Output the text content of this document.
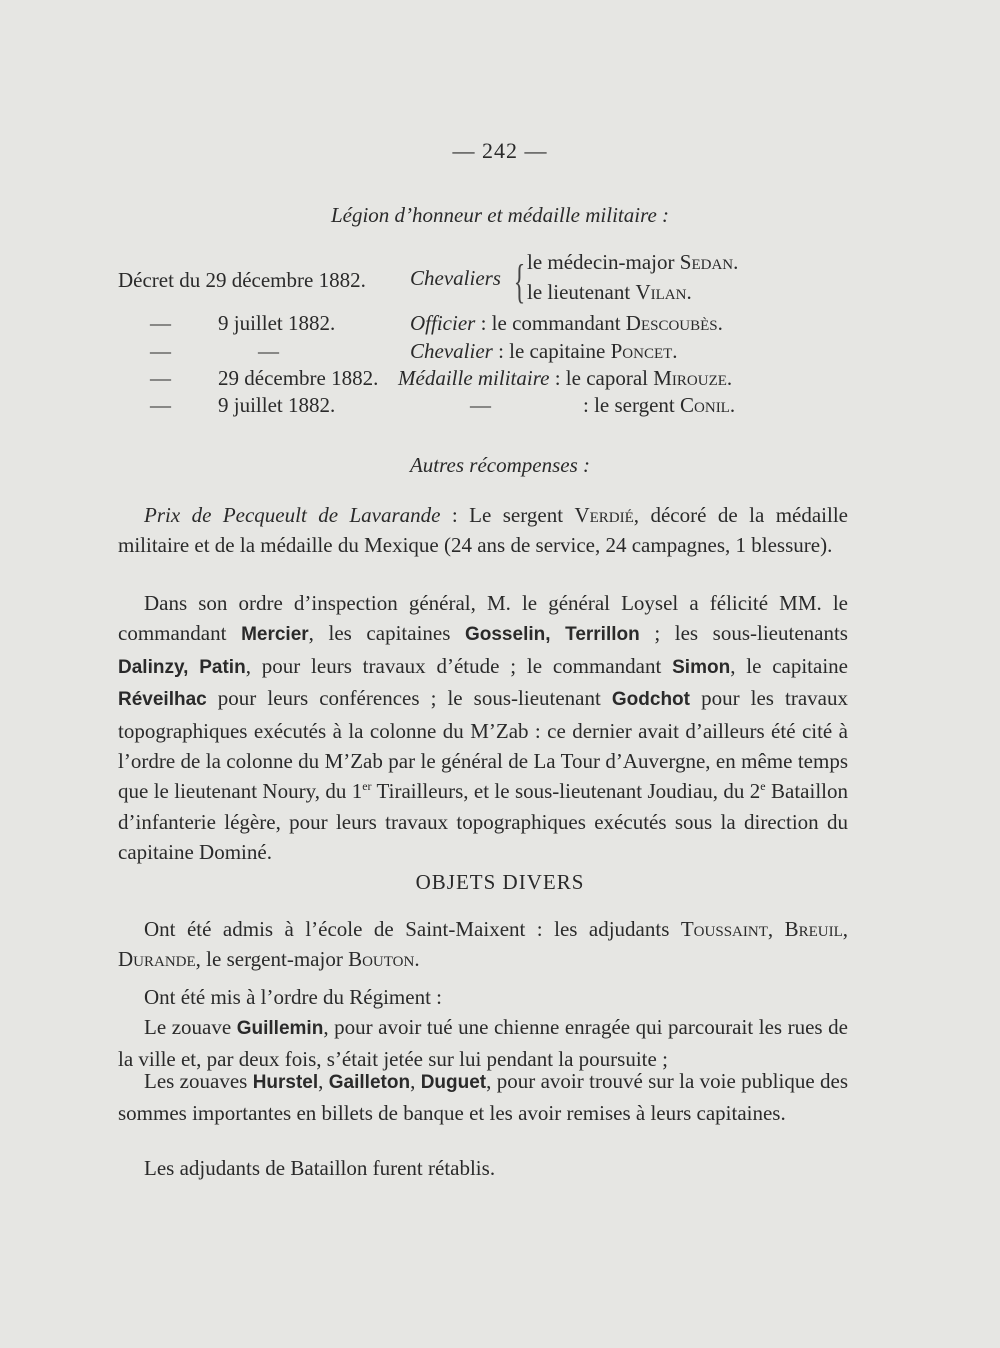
— 242 —
Légion d’honneur et médaille militaire :
Décret du 29 décembre 1882. Chevaliers { le médecin-major Sedan.
le lieutenant Vilan.
— 9 juillet 1882.	Officier : le commandant Descoubès.
—	—	Chevalier : le capitaine Poncet.
— 29 décembre 1882. Médaille militaire : le caporal Mirouze.
— 9 juillet 1882.	—	: le sergent Conil.
Autres récompenses :
Prix de Pecqueult de Lavarande : Le sergent Verdié, décoré de la médaille militaire et de la médaille du Mexique (24 ans de service, 24 campagnes, 1 blessure).
Dans son ordre d’inspection général, M. le général Loysel a félicité MM. le commandant Mercier, les capitaines Gosselin, Terrillon ; les sous-lieutenants Dalinzy, Patin, pour leurs travaux d’étude ; le commandant Simon, le capitaine Réveilhac pour leurs conférences ; le sous-lieutenant Godchot pour les travaux topographiques exécutés à la colonne du M’Zab : ce dernier avait d’ailleurs été cité à l’ordre de la colonne du M’Zab par le général de La Tour d’Auvergne, en même temps que le lieutenant Noury, du 1er Tirailleurs, et le sous-lieutenant Joudiau, du 2e Bataillon d’infanterie légère, pour leurs travaux topographiques exécutés sous la direction du capitaine Dominé.
OBJETS DIVERS
Ont été admis à l’école de Saint-Maixent : les adjudants Toussaint, Breuil, Durande, le sergent-major Bouton.
Ont été mis à l’ordre du Régiment :
Le zouave Guillemin, pour avoir tué une chienne enragée qui parcourait les rues de la ville et, par deux fois, s’était jetée sur lui pendant la poursuite ;
Les zouaves Hurstel, Gailleton, Duguet, pour avoir trouvé sur la voie publique des sommes importantes en billets de banque et les avoir remises à leurs capitaines.
Les adjudants de Bataillon furent rétablis.
